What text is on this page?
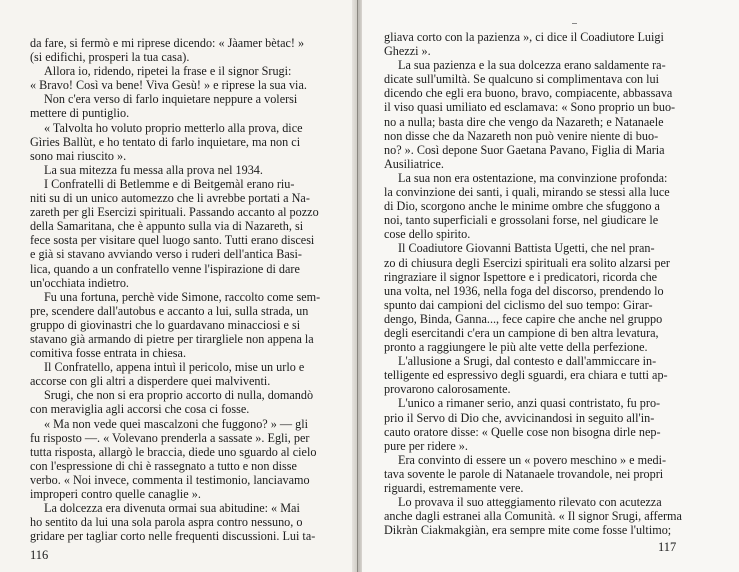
da fare, si fermò e mi riprese dicendo: « Jàamer bètac! »
(si edifichi, prosperi la tua casa).
Allora io, ridendo, ripetei la frase e il signor Srugi:
« Bravo! Così va bene! Viva Gesù! » e riprese la sua via.
Non c'era verso di farlo inquietare neppure a volersi
mettere di puntiglio.
« Talvolta ho voluto proprio metterlo alla prova, dice
Gìries Ballùt, e ho tentato di farlo inquietare, ma non ci
sono mai riuscito ».
La sua mitezza fu messa alla prova nel 1934.
I Confratelli di Betlemme e di Beitgemàl erano riu-
niti su di un unico automezzo che li avrebbe portati a Na-
zareth per gli Esercizi spirituali. Passando accanto al pozzo
della Samaritana, che è appunto sulla via di Nazareth, si
fece sosta per visitare quel luogo santo. Tutti erano discesi
e già si stavano avviando verso i ruderi dell'antica Basi-
lica, quando a un confratello venne l'ispirazione di dare
un'occhiata indietro.
Fu una fortuna, perchè vide Simone, raccolto come sem-
pre, scendere dall'autobus e accanto a lui, sulla strada, un
gruppo di giovinastri che lo guardavano minacciosi e si
stavano già armando di pietre per tirargliele non appena la
comitiva fosse entrata in chiesa.
Il Confratello, appena intuì il pericolo, mise un urlo e
accorse con gli altri a disperdere quei malviventi.
Srugi, che non si era proprio accorto di nulla, domandò
con meraviglia agli accorsi che cosa ci fosse.
« Ma non vede quei mascalzoni che fuggono? » — gli
fu risposto —. « Volevano prenderla a sassate ». Egli, per
tutta risposta, allargò le braccia, diede uno sguardo al cielo
con l'espressione di chi è rassegnato a tutto e non disse
verbo. « Noi invece, commenta il testimonio, lanciavamo
improperi contro quelle canaglie ».
La dolcezza era divenuta ormai sua abitudine: « Mai
ho sentito da lui una sola parola aspra contro nessuno, o
gridare per tagliar corto nelle frequenti discussioni. Lui ta-
116
gliava corto con la pazienza », ci dice il Coadiutore Luigi
Ghezzi ».
La sua pazienza e la sua dolcezza erano saldamente ra-
dicate sull'umiltà. Se qualcuno si complimentava con lui
dicendo che egli era buono, bravo, compiacente, abbassava
il viso quasi umiliato ed esclamava: « Sono proprio un buo-
no a nulla; basta dire che vengo da Nazareth; e Natanaele
non disse che da Nazareth non può venire niente di buo-
no? ». Così depone Suor Gaetana Pavano, Figlia di Maria
Ausiliatrice.
La sua non era ostentazione, ma convinzione profonda:
la convinzione dei santi, i quali, mirando se stessi alla luce
di Dio, scorgono anche le minime ombre che sfuggono a
noi, tanto superficiali e grossolani forse, nel giudicare le
cose dello spirito.
Il Coadiutore Giovanni Battista Ugetti, che nel pran-
zo di chiusura degli Esercizi spirituali era solito alzarsi per
ringraziare il signor Ispettore e i predicatori, ricorda che
una volta, nel 1936, nella foga del discorso, prendendo lo
spunto dai campioni del ciclismo del suo tempo: Girar-
dengo, Binda, Ganna..., fece capire che anche nel gruppo
degli esercitandi c'era un campione di ben altra levatura,
pronto a raggiungere le più alte vette della perfezione.
L'allusione a Srugi, dal contesto e dall'ammiccare in-
telligente ed espressivo degli sguardi, era chiara e tutti ap-
provarono calorosamente.
L'unico a rimaner serio, anzi quasi contristato, fu pro-
prio il Servo di Dio che, avvicinandosi in seguito all'in-
cauto oratore disse: « Quelle cose non bisogna dirle nep-
pure per ridere ».
Era convinto di essere un « povero meschino » e medi-
tava sovente le parole di Natanaele trovandole, nei propri
riguardi, estremamente vere.
Lo provava il suo atteggiamento rilevato con acutezza
anche dagli estranei alla Comunità. « Il signor Srugi, afferma
Dikràn Ciakmakgiàn, era sempre mite come fosse l'ultimo;
117
